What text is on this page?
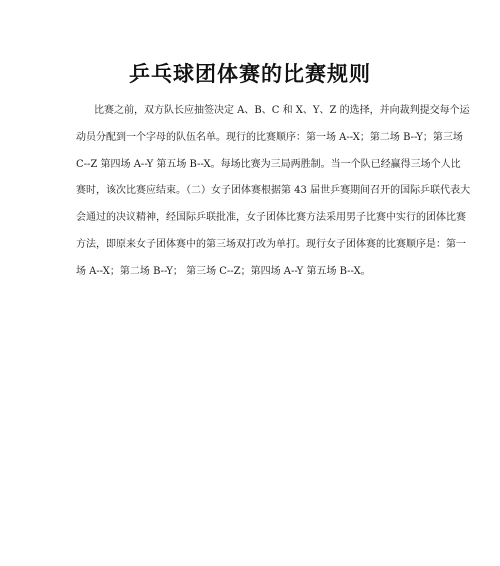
乒乓球团体赛的比赛规则
比赛之前，双方队长应抽签决定 A、B、C 和 X、Y、Z 的选择，并向裁判提交每个运
动员分配到一个字母的队伍名单。现行的比赛顺序：第一场 A--X；第二场 B--Y；第三场
C--Z 第四场 A--Y 第五场 B--X。每场比赛为三局两胜制。当一个队已经赢得三场个人比
赛时，该次比赛应结束。（二）女子团体赛根据第 43 届世乒赛期间召开的国际乒联代表大
会通过的决议精神，经国际乒联批准，女子团体比赛方法采用男子比赛中实行的团体比赛
方法，即原来女子团体赛中的第三场双打改为单打。现行女子团体赛的比赛顺序是：第一
场 A--X；第二场 B--Y； 第三场 C--Z；第四场 A--Y 第五场 B--X。
